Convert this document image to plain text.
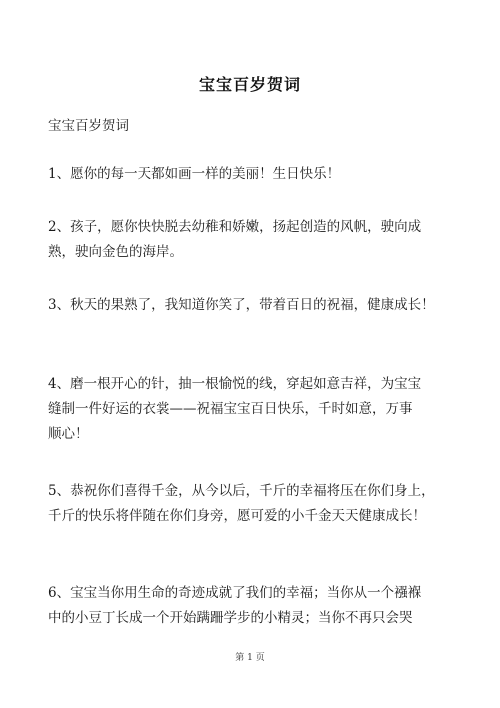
宝宝百岁贺词

宝宝百岁贺词

1、愿你的每一天都如画一样的美丽！生日快乐！

2、孩子，愿你快快脱去幼稚和娇嫩，扬起创造的风帆，驶向成
熟，驶向金色的海岸。

3、秋天的果熟了，我知道你笑了，带着百日的祝福，健康成长！

4、磨一根开心的针，抽一根愉悦的线，穿起如意吉祥，为宝宝
缝制一件好运的衣裳——祝福宝宝百日快乐，千时如意，万事
顺心！

5、恭祝你们喜得千金，从今以后，千斤的幸福将压在你们身上，
千斤的快乐将伴随在你们身旁，愿可爱的小千金天天健康成长！

6、宝宝当你用生命的奇迹成就了我们的幸福；当你从一个襁褓
中的小豆丁长成一个开始蹒跚学步的小精灵；当你不再只会哭

第 1 页
